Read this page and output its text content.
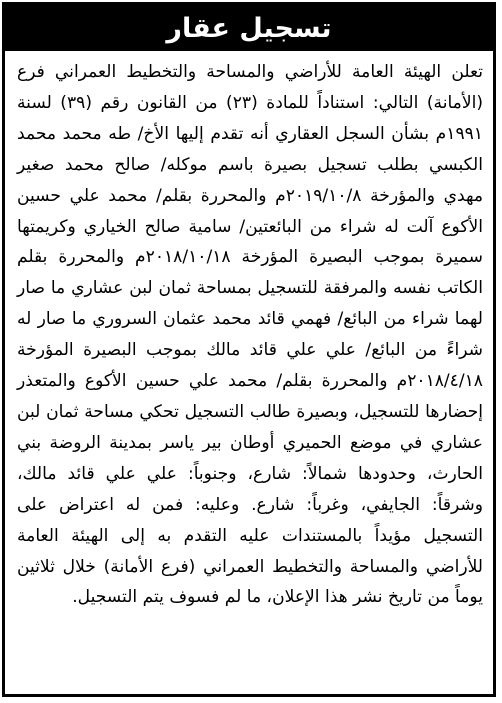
تسجيل عقار

تعلن الهيئة العامة للأراضي والمساحة والتخطيط العمراني فرع (الأمانة) التالي: استناداً للمادة (٢٣) من القانون رقم (٣٩) لسنة ١٩٩١م بشأن السجل العقاري أنه تقدم إليها الأخ/ طه محمد محمد الكبسي بطلب تسجيل بصيرة باسم موكله/ صالح محمد صغير مهدي والمؤرخة ٢٠١٩/١٠/٨م والمحررة بقلم/ محمد علي حسين الأكوع آلت له شراء من البائعتين/ سامية صالح الخياري وكريمتها سميرة بموجب البصيرة المؤرخة ٢٠١٨/١٠/١٨م والمحررة بقلم الكاتب نفسه والمرفقة للتسجيل بمساحة ثمان لبن عشاري ما صار لهما شراء من البائع/ فهمي قائد محمد عثمان السروري ما صار له شراءً من البائع/ علي علي قائد مالك بموجب البصيرة المؤرخة ٢٠١٨/٤/١٨م والمحررة بقلم/ محمد علي حسين الأكوع والمتعذر إحضارها للتسجيل، وبصيرة طالب التسجيل تحكي مساحة ثمان لبن عشاري في موضع الحميري أوطان بير ياسر بمدينة الروضة بني الحارث، وحدودها شمالاً: شارع، وجنوباً: علي علي قائد مالك، وشرقاً: الجايفي، وغرباً: شارع. وعليه: فمن له اعتراض على التسجيل مؤيداً بالمستندات عليه التقدم به إلى الهيئة العامة للأراضي والمساحة والتخطيط العمراني (فرع الأمانة) خلال ثلاثين يوماً من تاريخ نشر هذا الإعلان، ما لم فسوف يتم التسجيل.
